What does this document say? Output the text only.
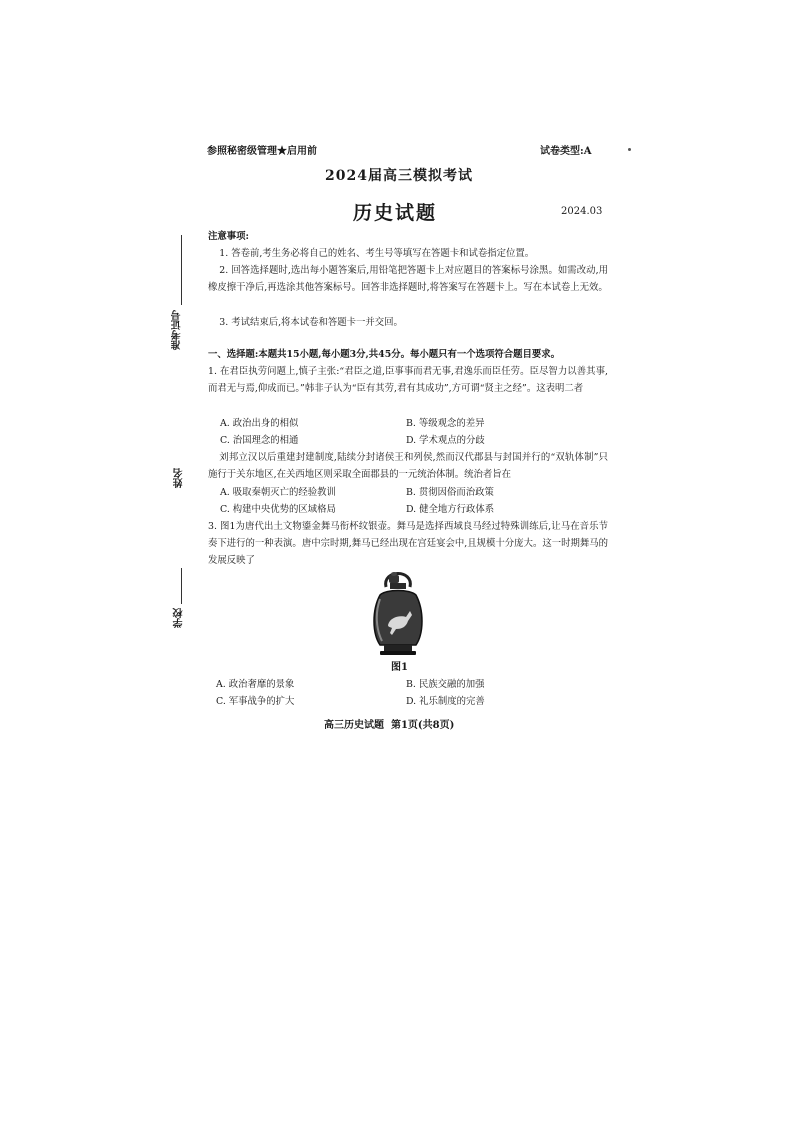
参照秘密级管理★启用前	试卷类型:A
2024届高三模拟考试
历史试题	2024.03
准考证号
姓名
学校
注意事项:
1. 答卷前,考生务必将自己的姓名、考生号等填写在答题卡和试卷指定位置。
2. 回答选择题时,选出每小题答案后,用铅笔把答题卡上对应题目的答案标号涂黑。如需改动,用橡皮擦干净后,再选涂其他答案标号。回答非选择题时,将答案写在答题卡上。写在本试卷上无效。
3. 考试结束后,将本试卷和答题卡一并交回。
一、选择题:本题共15小题,每小题3分,共45分。每小题只有一个选项符合题目要求。
1. 在君臣执劳问题上,慎子主张:“君臣之道,臣事事而君无事,君逸乐而臣任劳。臣尽智力以善其事,而君无与焉,仰成而已。”韩非子认为“臣有其劳,君有其成功”,方可谓“贤主之经”。这表明二者
A. 政治出身的相似	B. 等级观念的差异
C. 治国理念的相通	D. 学术观点的分歧
刘邦立汉以后重建封建制度,陆续分封诸侯王和列侯,然而汉代郡县与封国并行的“双轨体制”只施行于关东地区,在关西地区则采取全面郡县的一元统治体制。统治者旨在
A. 吸取秦朝灭亡的经验教训	B. 贯彻因俗而治政策
C. 构建中央优势的区域格局	D. 健全地方行政体系
3. 图1为唐代出土文物鎏金舞马衔杯纹银壶。舞马是选择西域良马经过特殊训练后,让马在音乐节奏下进行的一种表演。唐中宗时期,舞马已经出现在宫廷宴会中,且规模十分庞大。这一时期舞马的发展反映了
图1
A. 政治奢靡的景象	B. 民族交融的加强
C. 军事战争的扩大	D. 礼乐制度的完善
高三历史试题  第1页(共8页)
